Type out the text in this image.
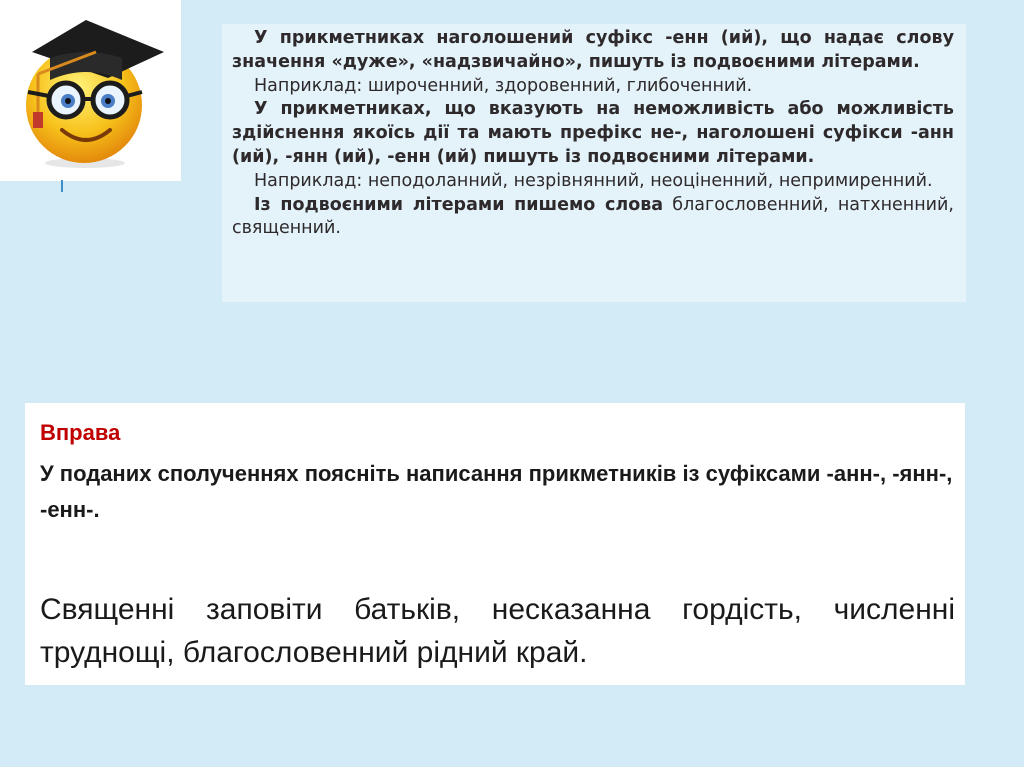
У прикметниках наголошений суфікс -енн (ий), що надає слову значення «дуже», «надзвичайно», пишуть із подвоєними літерами.

Наприклад: широченний, здоровенний, глибоченний.

У прикметниках, що вказують на неможливість або можливість здійснення якоїсь дії та мають префікс не-, наголошені суфікси -анн (ий), -янн (ий), -енн (ий) пишуть із подвоєними літерами.

Наприклад: неподоланний, незрівнянний, неоціненний, непримиренний.

Із подвоєними літерами пишемо слова благословенний, натхненний, священний.

Вправа
У поданих сполученнях поясніть написання прикметників із суфіксами -анн-, -янн-, -енн-.
Священні заповіти батьків, несказанна гордість, численні труднощі, благословенний рідний край.
